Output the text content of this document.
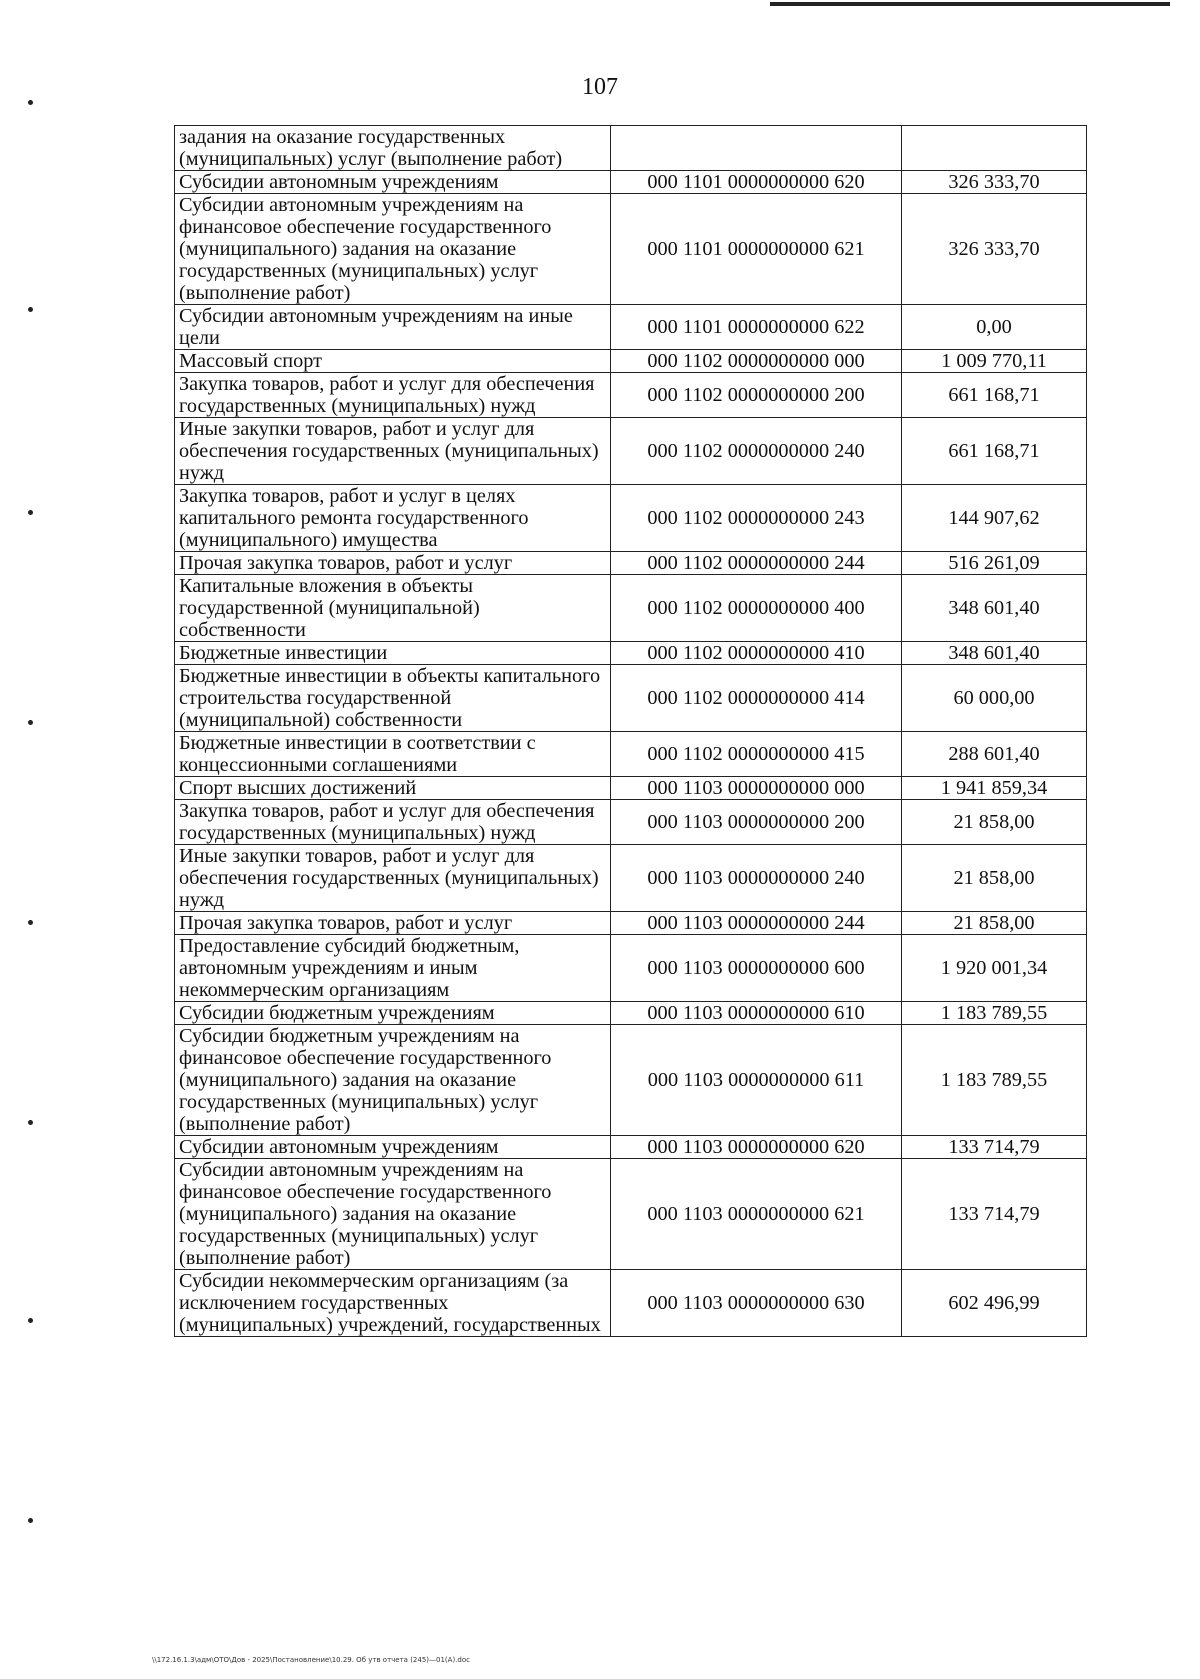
107
задания на оказание государственных (муниципальных) услуг (выполнение работ)		
Субсидии автономным учреждениям	000 1101 0000000000 620	326 333,70
Субсидии автономным учреждениям на финансовое обеспечение государственного (муниципального) задания на оказание государственных (муниципальных) услуг (выполнение работ)	000 1101 0000000000 621	326 333,70
Субсидии автономным учреждениям на иные цели	000 1101 0000000000 622	0,00
Массовый спорт	000 1102 0000000000 000	1 009 770,11
Закупка товаров, работ и услуг для обеспечения государственных (муниципальных) нужд	000 1102 0000000000 200	661 168,71
Иные закупки товаров, работ и услуг для обеспечения государственных (муниципальных) нужд	000 1102 0000000000 240	661 168,71
Закупка товаров, работ и услуг в целях капитального ремонта государственного (муниципального) имущества	000 1102 0000000000 243	144 907,62
Прочая закупка товаров, работ и услуг	000 1102 0000000000 244	516 261,09
Капитальные вложения в объекты государственной (муниципальной) собственности	000 1102 0000000000 400	348 601,40
Бюджетные инвестиции	000 1102 0000000000 410	348 601,40
Бюджетные инвестиции в объекты капитального строительства государственной (муниципальной) собственности	000 1102 0000000000 414	60 000,00
Бюджетные инвестиции в соответствии с концессионными соглашениями	000 1102 0000000000 415	288 601,40
Спорт высших достижений	000 1103 0000000000 000	1 941 859,34
Закупка товаров, работ и услуг для обеспечения государственных (муниципальных) нужд	000 1103 0000000000 200	21 858,00
Иные закупки товаров, работ и услуг для обеспечения государственных (муниципальных) нужд	000 1103 0000000000 240	21 858,00
Прочая закупка товаров, работ и услуг	000 1103 0000000000 244	21 858,00
Предоставление субсидий бюджетным, автономным учреждениям и иным некоммерческим организациям	000 1103 0000000000 600	1 920 001,34
Субсидии бюджетным учреждениям	000 1103 0000000000 610	1 183 789,55
Субсидии бюджетным учреждениям на финансовое обеспечение государственного (муниципального) задания на оказание государственных (муниципальных) услуг (выполнение работ)	000 1103 0000000000 611	1 183 789,55
Субсидии автономным учреждениям	000 1103 0000000000 620	133 714,79
Субсидии автономным учреждениям на финансовое обеспечение государственного (муниципального) задания на оказание государственных (муниципальных) услуг (выполнение работ)	000 1103 0000000000 621	133 714,79
Субсидии некоммерческим организациям (за исключением государственных (муниципальных) учреждений, государственных	000 1103 0000000000 630	602 496,99
\\172.16.1.3\адм\ОТО\Дов - 2025\Постановление\10.29. Об утв отчета (245)—01(А).doc
